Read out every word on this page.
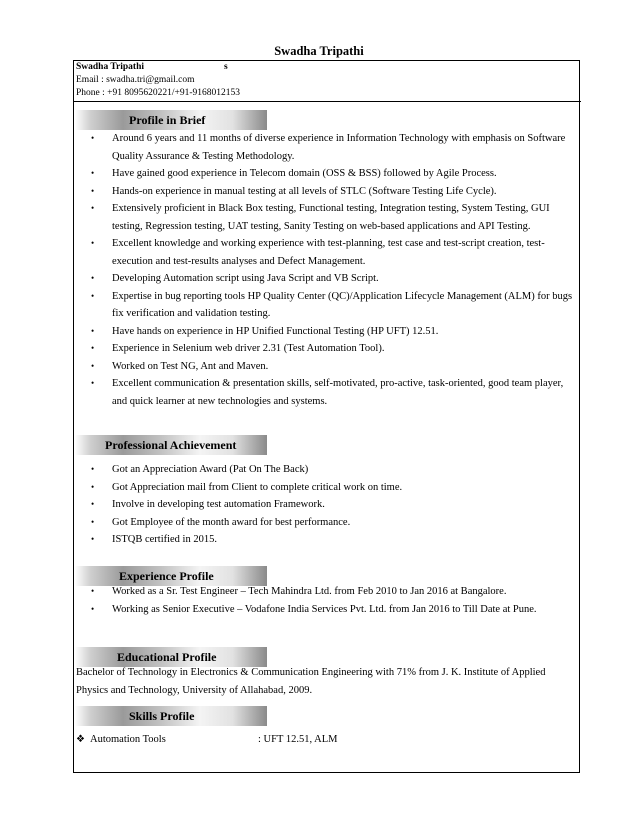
Swadha Tripathi
Swadha Tripathi	s
Email : swadha.tri@gmail.com
Phone : +91 8095620221/+91-9168012153
Profile in Brief
• Around 6 years and 11 months of diverse experience in Information Technology with emphasis on Software Quality Assurance & Testing Methodology.
• Have gained good experience in Telecom domain (OSS & BSS) followed by Agile Process.
• Hands-on experience in manual testing at all levels of STLC (Software Testing Life Cycle).
• Extensively proficient in Black Box testing, Functional testing, Integration testing, System Testing, GUI testing, Regression testing, UAT testing, Sanity Testing on web-based applications and API Testing.
• Excellent knowledge and working experience with test-planning, test case and test-script creation, test-execution and test-results analyses and Defect Management.
• Developing Automation script using Java Script and VB Script.
• Expertise in bug reporting tools HP Quality Center (QC)/Application Lifecycle Management (ALM) for bugs fix verification and validation testing.
• Have hands on experience in HP Unified Functional Testing (HP UFT) 12.51.
• Experience in Selenium web driver 2.31 (Test Automation Tool).
• Worked on Test NG, Ant and Maven.
• Excellent communication & presentation skills, self-motivated, pro-active, task-oriented, good team player, and quick learner at new technologies and systems.
Professional Achievement
• Got an Appreciation Award (Pat On The Back)
• Got Appreciation mail from Client to complete critical work on time.
• Involve in developing test automation Framework.
• Got Employee of the month award for best performance.
• ISTQB certified in 2015.
Experience Profile
• Worked as a Sr. Test Engineer – Tech Mahindra Ltd. from Feb 2010 to Jan 2016 at Bangalore.
• Working as Senior Executive – Vodafone India Services Pvt. Ltd. from Jan 2016 to Till Date at Pune.
Educational Profile
Bachelor of Technology in Electronics & Communication Engineering with 71% from J. K. Institute of Applied Physics and Technology, University of Allahabad, 2009.
Skills Profile
❖ Automation Tools	: UFT 12.51, ALM
